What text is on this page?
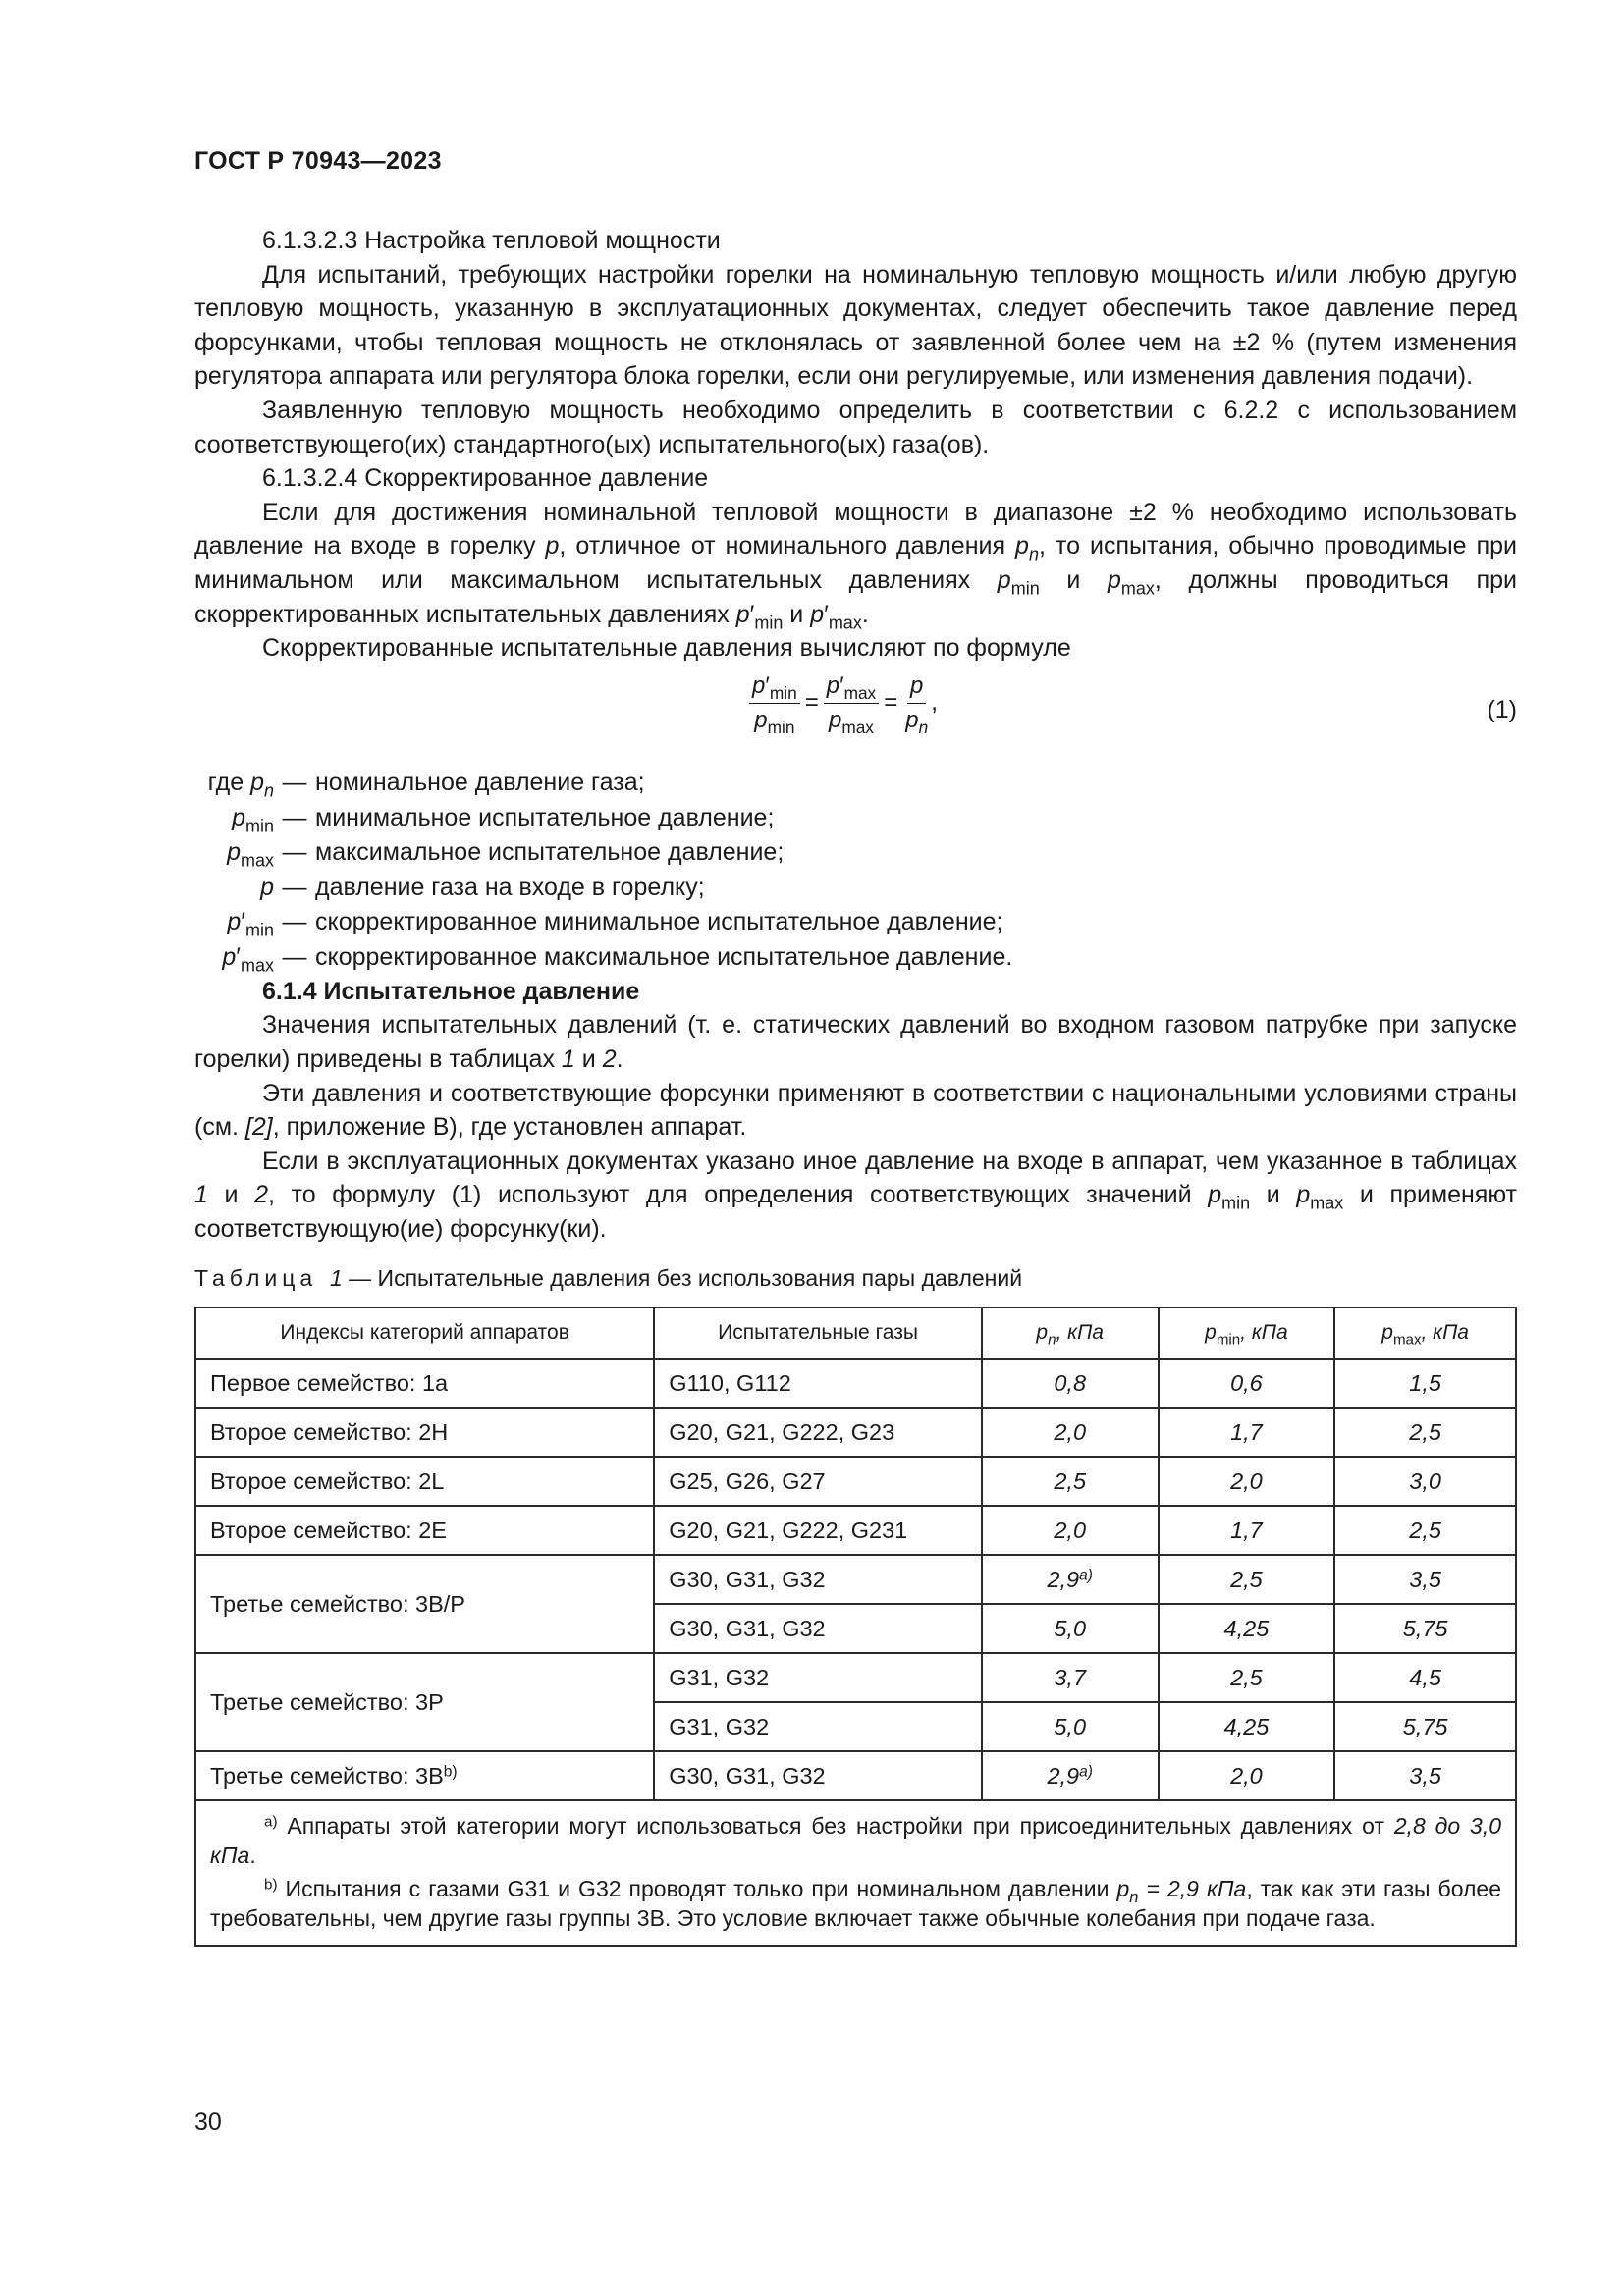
ГОСТ Р 70943—2023

6.1.3.2.3 Настройка тепловой мощности

Для испытаний, требующих настройки горелки на номинальную тепловую мощность и/или любую другую тепловую мощность, указанную в эксплуатационных документах, следует обеспечить такое давление перед форсунками, чтобы тепловая мощность не отклонялась от заявленной более чем на ±2 % (путем изменения регулятора аппарата или регулятора блока горелки, если они регулируемые, или изменения давления подачи).

Заявленную тепловую мощность необходимо определить в соответствии с 6.2.2 с использованием соответствующего(их) стандартного(ых) испытательного(ых) газа(ов).

6.1.3.2.4 Скорректированное давление

Если для достижения номинальной тепловой мощности в диапазоне ±2 % необходимо использовать давление на входе в горелку p, отличное от номинального давления $p_n$, то испытания, обычно проводимые при минимальном или максимальном испытательных давлениях $p_{min}$ и $p_{max}$, должны проводиться при скорректированных испытательных давлениях $p'_{min}$ и $p'_{max}$.

Скорректированные испытательные давления вычисляют по формуле

$\frac{p'_{min}}{p_{min}} = \frac{p'_{max}}{p_{max}} = \frac{p}{p_n}$ ,	(1)
где $p_n$ — номинальное давление газа;
$p_{min}$ — минимальное испытательное давление;
$p_{max}$ — максимальное испытательное давление;
p — давление газа на входе в горелку;
$p'_{min}$ — скорректированное минимальное испытательное давление;
$p'_{max}$ — скорректированное максимальное испытательное давление.

6.1.4 Испытательное давление

Значения испытательных давлений (т. е. статических давлений во входном газовом патрубке при запуске горелки) приведены в таблицах 1 и 2.

Эти давления и соответствующие форсунки применяют в соответствии с национальными условиями страны (см. [2], приложение В), где установлен аппарат.

Если в эксплуатационных документах указано иное давление на входе в аппарат, чем указанное в таблицах 1 и 2, то формулу (1) используют для определения соответствующих значений $p_{min}$ и $p_{max}$ и применяют соответствующую(ие) форсунку(ки).

Таблица 1 — Испытательные давления без использования пары давлений
Индексы категорий аппаратов	Испытательные газы	$p_n$, кПа	$p_{min}$, кПа	$p_{max}$, кПа
Первое семейство: 1a	G110, G112	0,8	0,6	1,5
Второе семейство: 2H	G20, G21, G222, G23	2,0	1,7	2,5
Второе семейство: 2L	G25, G26, G27	2,5	2,0	3,0
Второе семейство: 2E	G20, G21, G222, G231	2,0	1,7	2,5
Третье семейство: 3B/P	G30, G31, G32	2,9$^{a)}$	2,5	3,5
	G30, G31, G32	5,0	4,25	5,75
Третье семейство: 3P	G31, G32	3,7	2,5	4,5
	G31, G32	5,0	4,25	5,75
Третье семейство: $3B^{b)}$	G30, G31, G32	2,9$^{a)}$	2,0	3,5

$^{a)}$ Аппараты этой категории могут использоваться без настройки при присоединительных давлениях от 2,8 до 3,0 кПа.

$^{b)}$ Испытания с газами G31 и G32 проводят только при номинальном давлении $p_n = 2,9$ кПа, так как эти газы более требовательны, чем другие газы группы 3B. Это условие включает также обычные колебания при подаче газа.				

30
